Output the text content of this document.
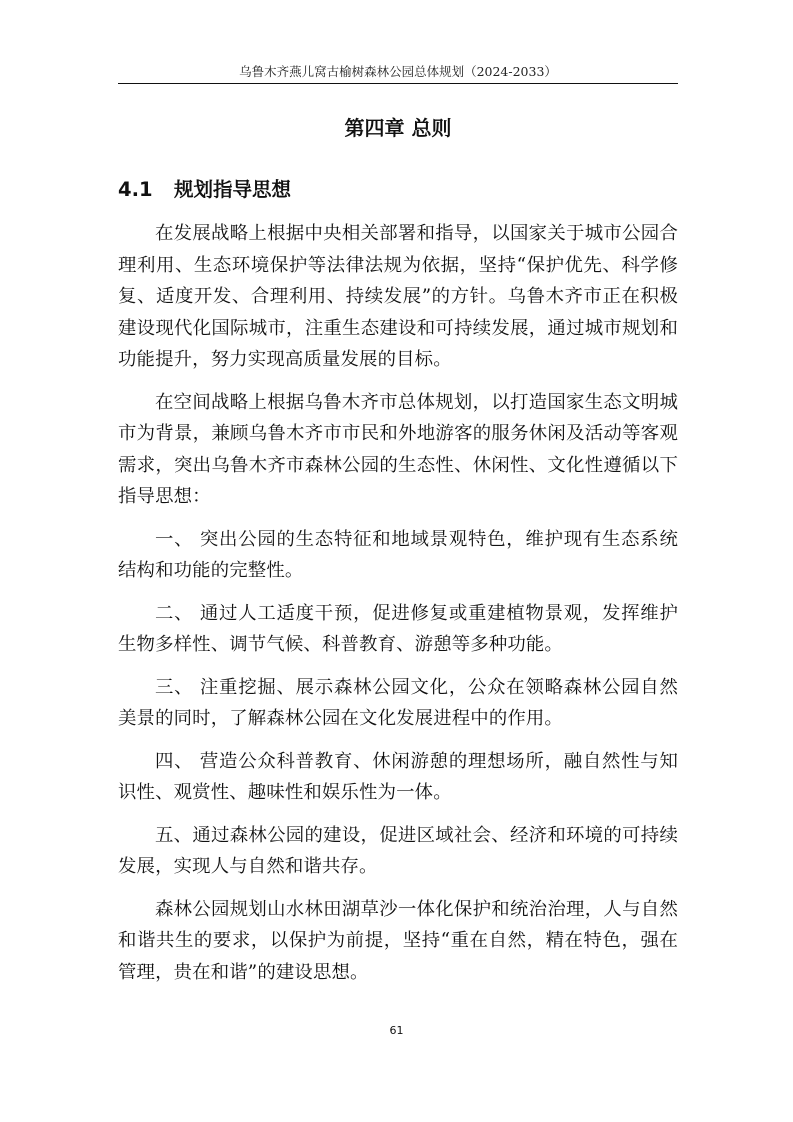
乌鲁木齐燕儿窝古榆树森林公园总体规划（2024-2033）
第四章 总则
4.1 规划指导思想

在发展战略上根据中央相关部署和指导，以国家关于城市公园合理利用、生态环境保护等法律法规为依据，坚持“保护优先、科学修复、适度开发、合理利用、持续发展”的方针。乌鲁木齐市正在积极建设现代化国际城市，注重生态建设和可持续发展，通过城市规划和功能提升，努力实现高质量发展的目标。

在空间战略上根据乌鲁木齐市总体规划，以打造国家生态文明城市为背景，兼顾乌鲁木齐市市民和外地游客的服务休闲及活动等客观需求，突出乌鲁木齐市森林公园的生态性、休闲性、文化性遵循以下指导思想：

一、 突出公园的生态特征和地域景观特色，维护现有生态系统结构和功能的完整性。

二、 通过人工适度干预，促进修复或重建植物景观，发挥维护生物多样性、调节气候、科普教育、游憩等多种功能。

三、 注重挖掘、展示森林公园文化，公众在领略森林公园自然美景的同时，了解森林公园在文化发展进程中的作用。

四、 营造公众科普教育、休闲游憩的理想场所，融自然性与知识性、观赏性、趣味性和娱乐性为一体。

五、通过森林公园的建设，促进区域社会、经济和环境的可持续发展，实现人与自然和谐共存。

森林公园规划山水林田湖草沙一体化保护和统治治理，人与自然和谐共生的要求，以保护为前提，坚持“重在自然，精在特色，强在管理，贵在和谐”的建设思想。

61
